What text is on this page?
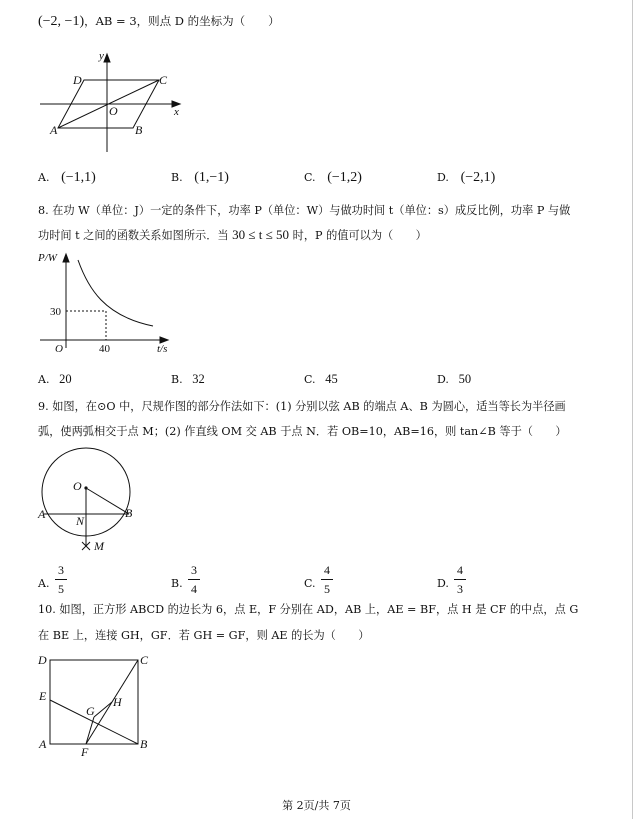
(−2, −1)，AB = 3，则点 D 的坐标为（　　）
y
x
D	C
O
A	B
A. (−1,1)	B. (1,−1)	C. (−1,2)	D. (−2,1)
8. 在功 W（单位：J）一定的条件下，功率 P（单位：W）与做功时间 t（单位：s）成反比例，功率 P 与做
功时间 t 之间的函数关系如图所示．当 30 ≤ t ≤ 50 时，P 的值可以为（　　）
P/W
30
O	40	t/s
A. 20	B. 32	C. 45	D. 50
9. 如图，在⊙O 中，尺规作图的部分作法如下：(1) 分别以弦 AB 的端点 A、B 为圆心，适当等长为半径画
弧，使两弧相交于点 M；(2) 作直线 OM 交 AB 于点 N．若 OB=10，AB=16，则 tan∠B 等于（　　）
O
A	N
B
M
A.
3
5	B.
3
4	C.
4
5	D.
4
3
10. 如图，正方形 ABCD 的边长为 6，点 E，F 分别在 AD，AB 上，AE = BF，点 H 是 CF 的中点，点 G
在 BE 上，连接 GH，GF．若 GH = GF，则 AE 的长为（　　）
D	C
E
G
H
A	B
F
第 2页/共 7页
